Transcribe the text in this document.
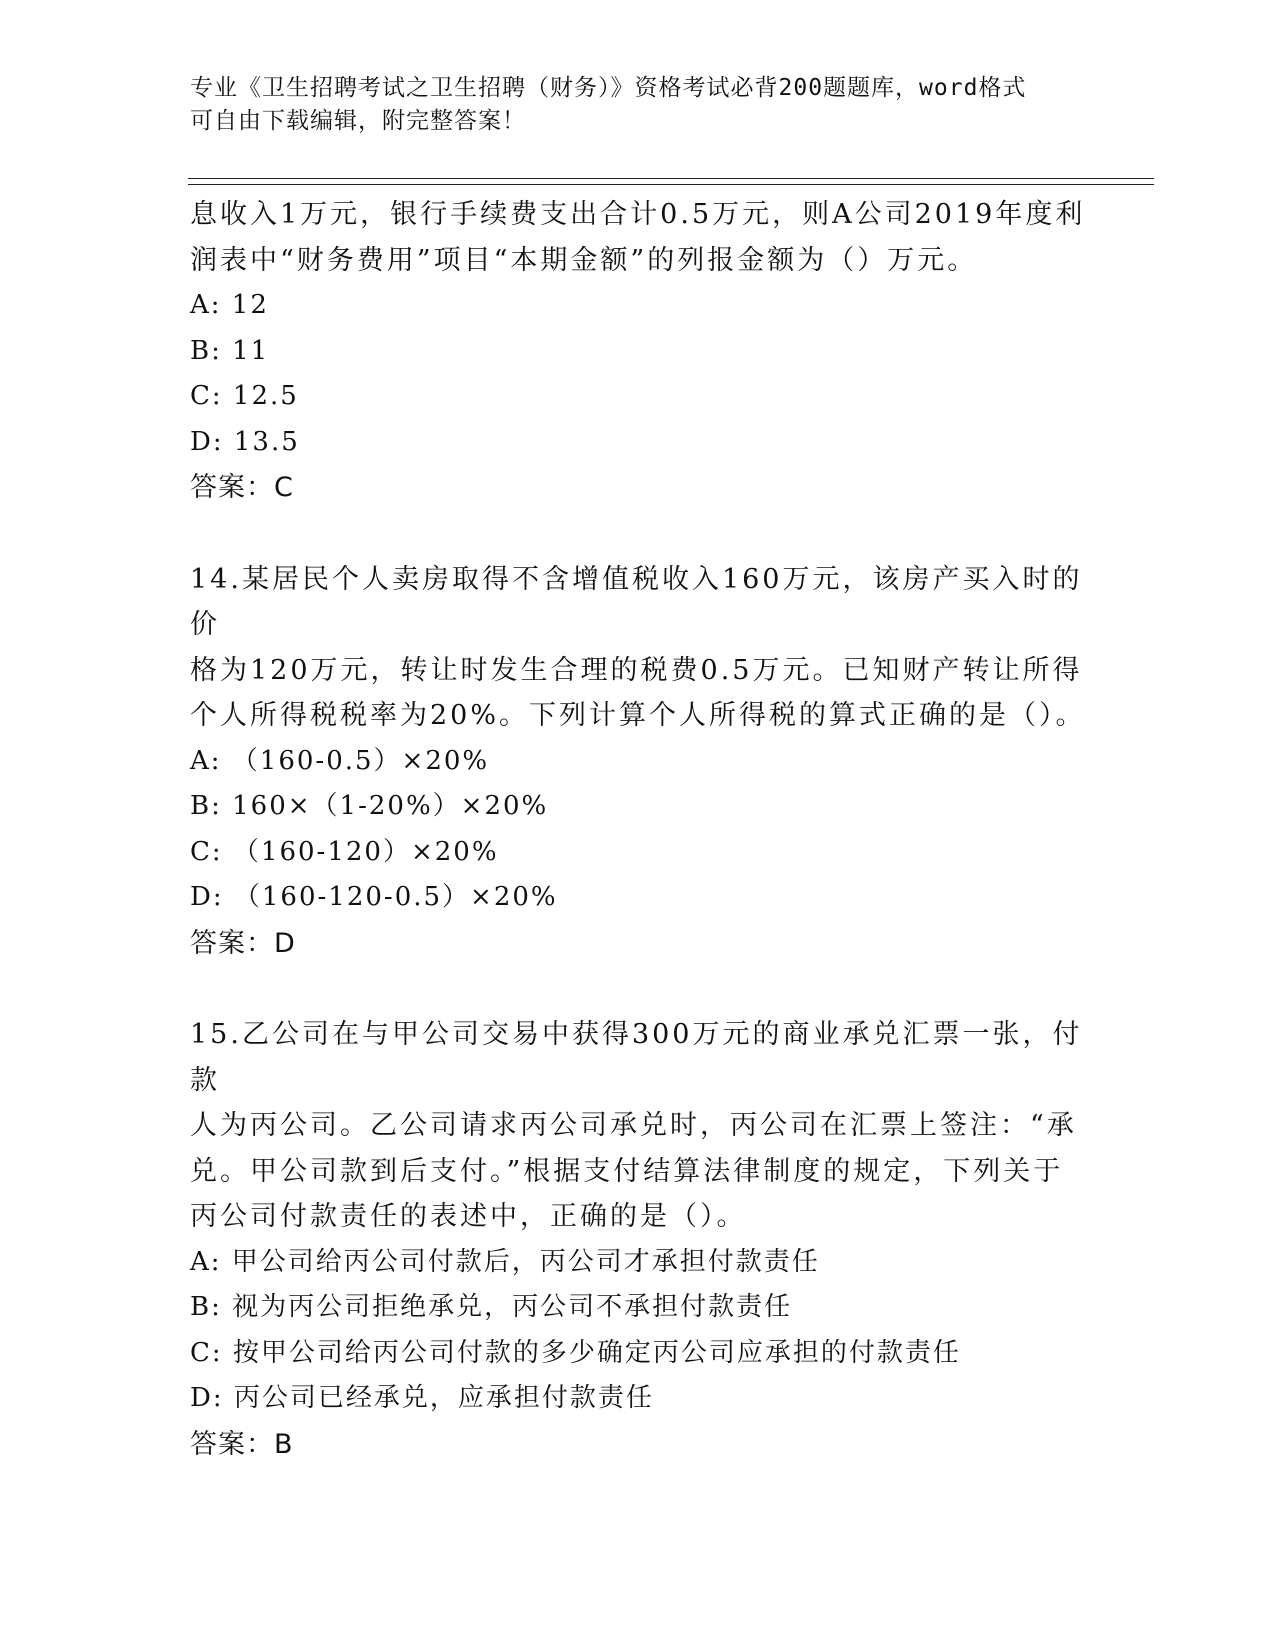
专业《卫生招聘考试之卫生招聘（财务）》资格考试必背200题题库，word格式
可自由下载编辑，附完整答案！

息收入1万元，银行手续费支出合计0.5万元，则A公司2019年度利

润表中“财务费用”项目“本期金额”的列报金额为（）万元。

A: 12

B: 11

C: 12.5

D: 13.5

答案：C

14.某居民个人卖房取得不含增值税收入160万元，该房产买入时的价

格为120万元，转让时发生合理的税费0.5万元。已知财产转让所得

个人所得税税率为20%。下列计算个人所得税的算式正确的是（）。

A: （160-0.5）×20%

B: 160×（1-20%）×20%

C: （160-120）×20%

D: （160-120-0.5）×20%

答案：D

15.乙公司在与甲公司交易中获得300万元的商业承兑汇票一张，付款

人为丙公司。乙公司请求丙公司承兑时，丙公司在汇票上签注：“承

兑。甲公司款到后支付。”根据支付结算法律制度的规定，下列关于

丙公司付款责任的表述中，正确的是（）。

A: 甲公司给丙公司付款后，丙公司才承担付款责任

B: 视为丙公司拒绝承兑，丙公司不承担付款责任

C: 按甲公司给丙公司付款的多少确定丙公司应承担的付款责任

D: 丙公司已经承兑，应承担付款责任

答案：B
